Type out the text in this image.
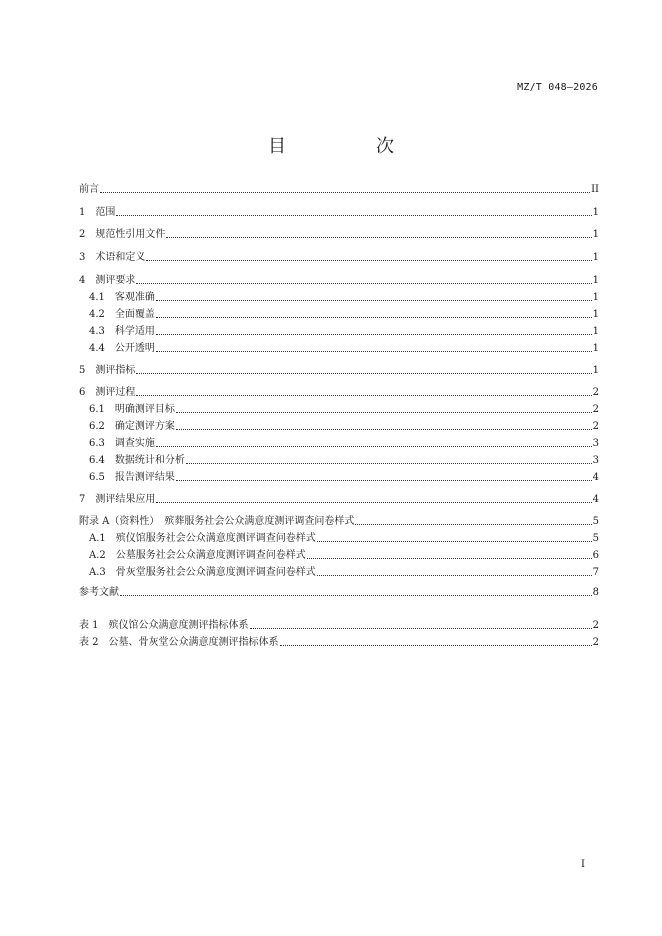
MZ/T 048—2026
目　次
前言	II
1　 范围	1
2　 规范性引用文件	1
3　 术语和定义	1
4　 测评要求	1
4.1　 客观准确	1
4.2　 全面覆盖	1
4.3　 科学适用	1
4.4　 公开透明	1
5　 测评指标	1
6　 测评过程	2
6.1　 明确测评目标	2
6.2　 确定测评方案	2
6.3　 调查实施	3
6.4　 数据统计和分析	3
6.5　 报告测评结果	4
7　 测评结果应用	4
附录 A（资料性）　 殡葬服务社会公众满意度测评调查问卷样式	5
A.1　 殡仪馆服务社会公众满意度测评调查问卷样式	5
A.2　 公墓服务社会公众满意度测评调查问卷样式	6
A.3　 骨灰堂服务社会公众满意度测评调查问卷样式	7
参考文献	8
表 1　 殡仪馆公众满意度测评指标体系	2
表 2　 公墓、骨灰堂公众满意度测评指标体系	2
I
